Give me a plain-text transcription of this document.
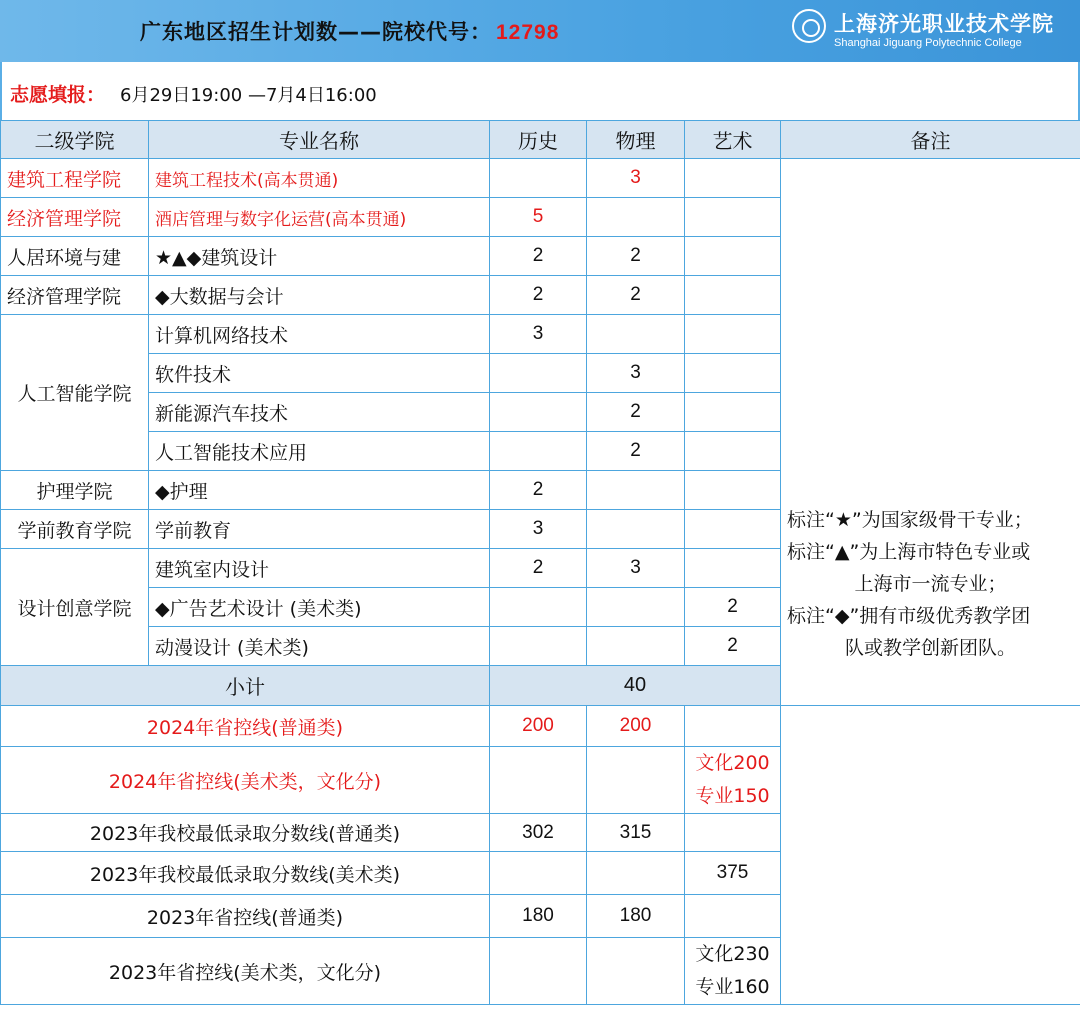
广东地区招生计划数——院校代号： 12798	上海济光职业技术学院
Shanghai Jiguang Polytechnic College
志愿填报： 6月29日19:00 —7月4日16:00
二级学院	专业名称	历史	物理	艺术	备注
建筑工程学院	建筑工程技术(高本贯通)		3		标注“★”为国家级骨干专业；
标注“▲”为上海市特色专业或

上海市一流专业；
标注“◆”拥有市级优秀教学团

队或教学创新团队。

经济管理学院	酒店管理与数字化运营(高本贯通)	5			
人居环境与建	★▲◆建筑设计	2	2		
经济管理学院	◆大数据与会计	2	2		
人工智能学院	计算机网络技术	3			
	软件技术		3		
	新能源汽车技术		2		
	人工智能技术应用		2		
护理学院	◆护理	2			
学前教育学院	学前教育	3			
设计创意学院	建筑室内设计	2	3		
	◆广告艺术设计 (美术类)			2	
	动漫设计 (美术类)			2	
小计		40			
2024年省控线(普通类)		200	200		
2024年省控线(美术类，文化分)				文化200
专业150	
2023年我校最低录取分数线(普通类)		302	315		
2023年我校最低录取分数线(美术类)				375	
2023年省控线(普通类)		180	180		
2023年省控线(美术类，文化分)				文化230
专业160	
